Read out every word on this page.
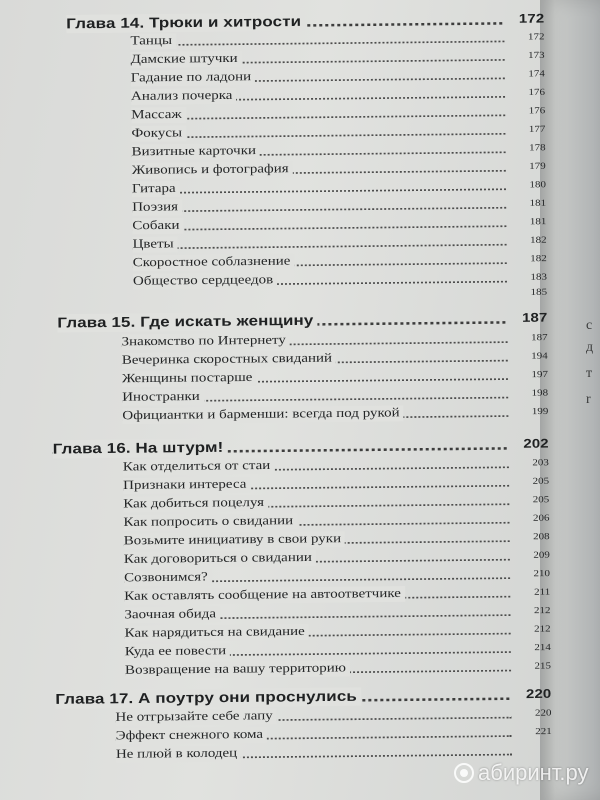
с
д
т
r
Глава 14. Трюки и хитрости	172
Танцы	172
Дамские штучки	173
Гадание по ладони	174
Анализ почерка	176
Массаж	176
Фокусы	177
Визитные карточки	178
Живопись и фотография	179
Гитара	180
Поэзия	181
Собаки	181
Цветы	182
Скоростное соблазнение	182
Общество сердцеедов	183
185
Глава 15. Где искать женщину	187
Знакомство по Интернету	187
Вечеринка скоростных свиданий	194
Женщины постарше	197
Иностранки	198
Официантки и барменши: всегда под рукой	199
Глава 16. На штурм!	202
Как отделиться от стаи	203
Признаки интереса	205
Как добиться поцелуя	205
Как попросить о свидании	206
Возьмите инициативу в свои руки	208
Как договориться о свидании	209
Созвонимся?	210
Как оставлять сообщение на автоответчике	211
Заочная обида	212
Как нарядиться на свидание	212
Куда ее повести	214
Возвращение на вашу территорию	215
Глава 17. А поутру они проснулись	220
Не отгрызайте себе лапу	220
Эффект снежного кома	221
Не плюй в колодец
абиринт.ру
